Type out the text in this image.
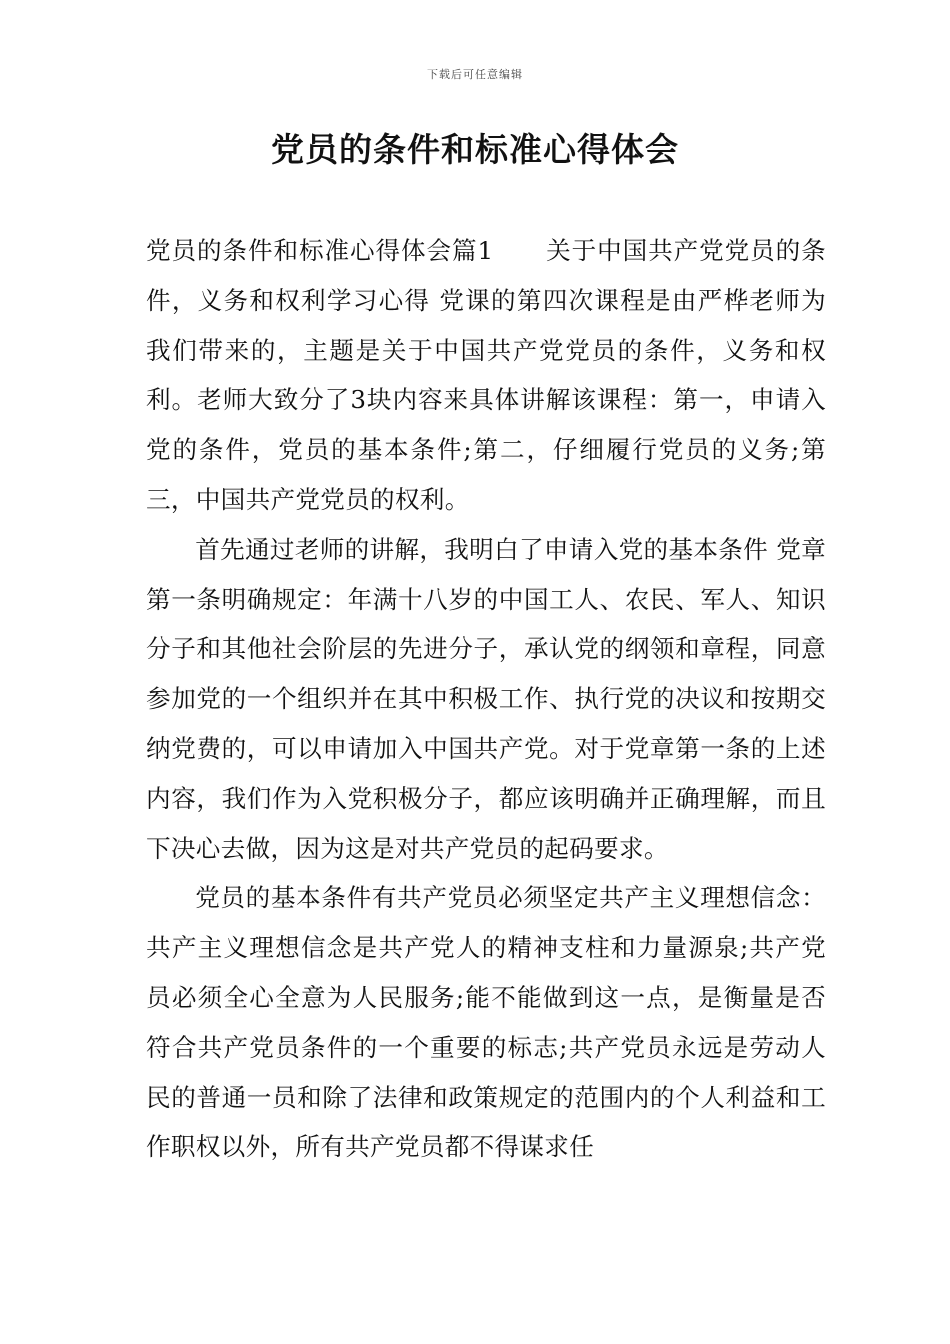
下载后可任意编辑
党员的条件和标准心得体会

党员的条件和标准心得体会篇1 关于中国共产党党员的条件，义务和权利学习心得 党课的第四次课程是由严桦老师为我们带来的，主题是关于中国共产党党员的条件，义务和权利。老师大致分了3块内容来具体讲解该课程：第一，申请入党的条件，党员的基本条件;第二，仔细履行党员的义务;第三，中国共产党党员的权利。

首先通过老师的讲解，我明白了申请入党的基本条件 党章第一条明确规定：年满十八岁的中国工人、农民、军人、知识分子和其他社会阶层的先进分子，承认党的纲领和章程，同意参加党的一个组织并在其中积极工作、执行党的决议和按期交纳党费的，可以申请加入中国共产党。对于党章第一条的上述内容，我们作为入党积极分子，都应该明确并正确理解，而且下决心去做，因为这是对共产党员的起码要求。

党员的基本条件有共产党员必须坚定共产主义理想信念：共产主义理想信念是共产党人的精神支柱和力量源泉;共产党员必须全心全意为人民服务;能不能做到这一点，是衡量是否符合共产党员条件的一个重要的标志;共产党员永远是劳动人民的普通一员和除了法律和政策规定的范围内的个人利益和工作职权以外，所有共产党员都不得谋求任
